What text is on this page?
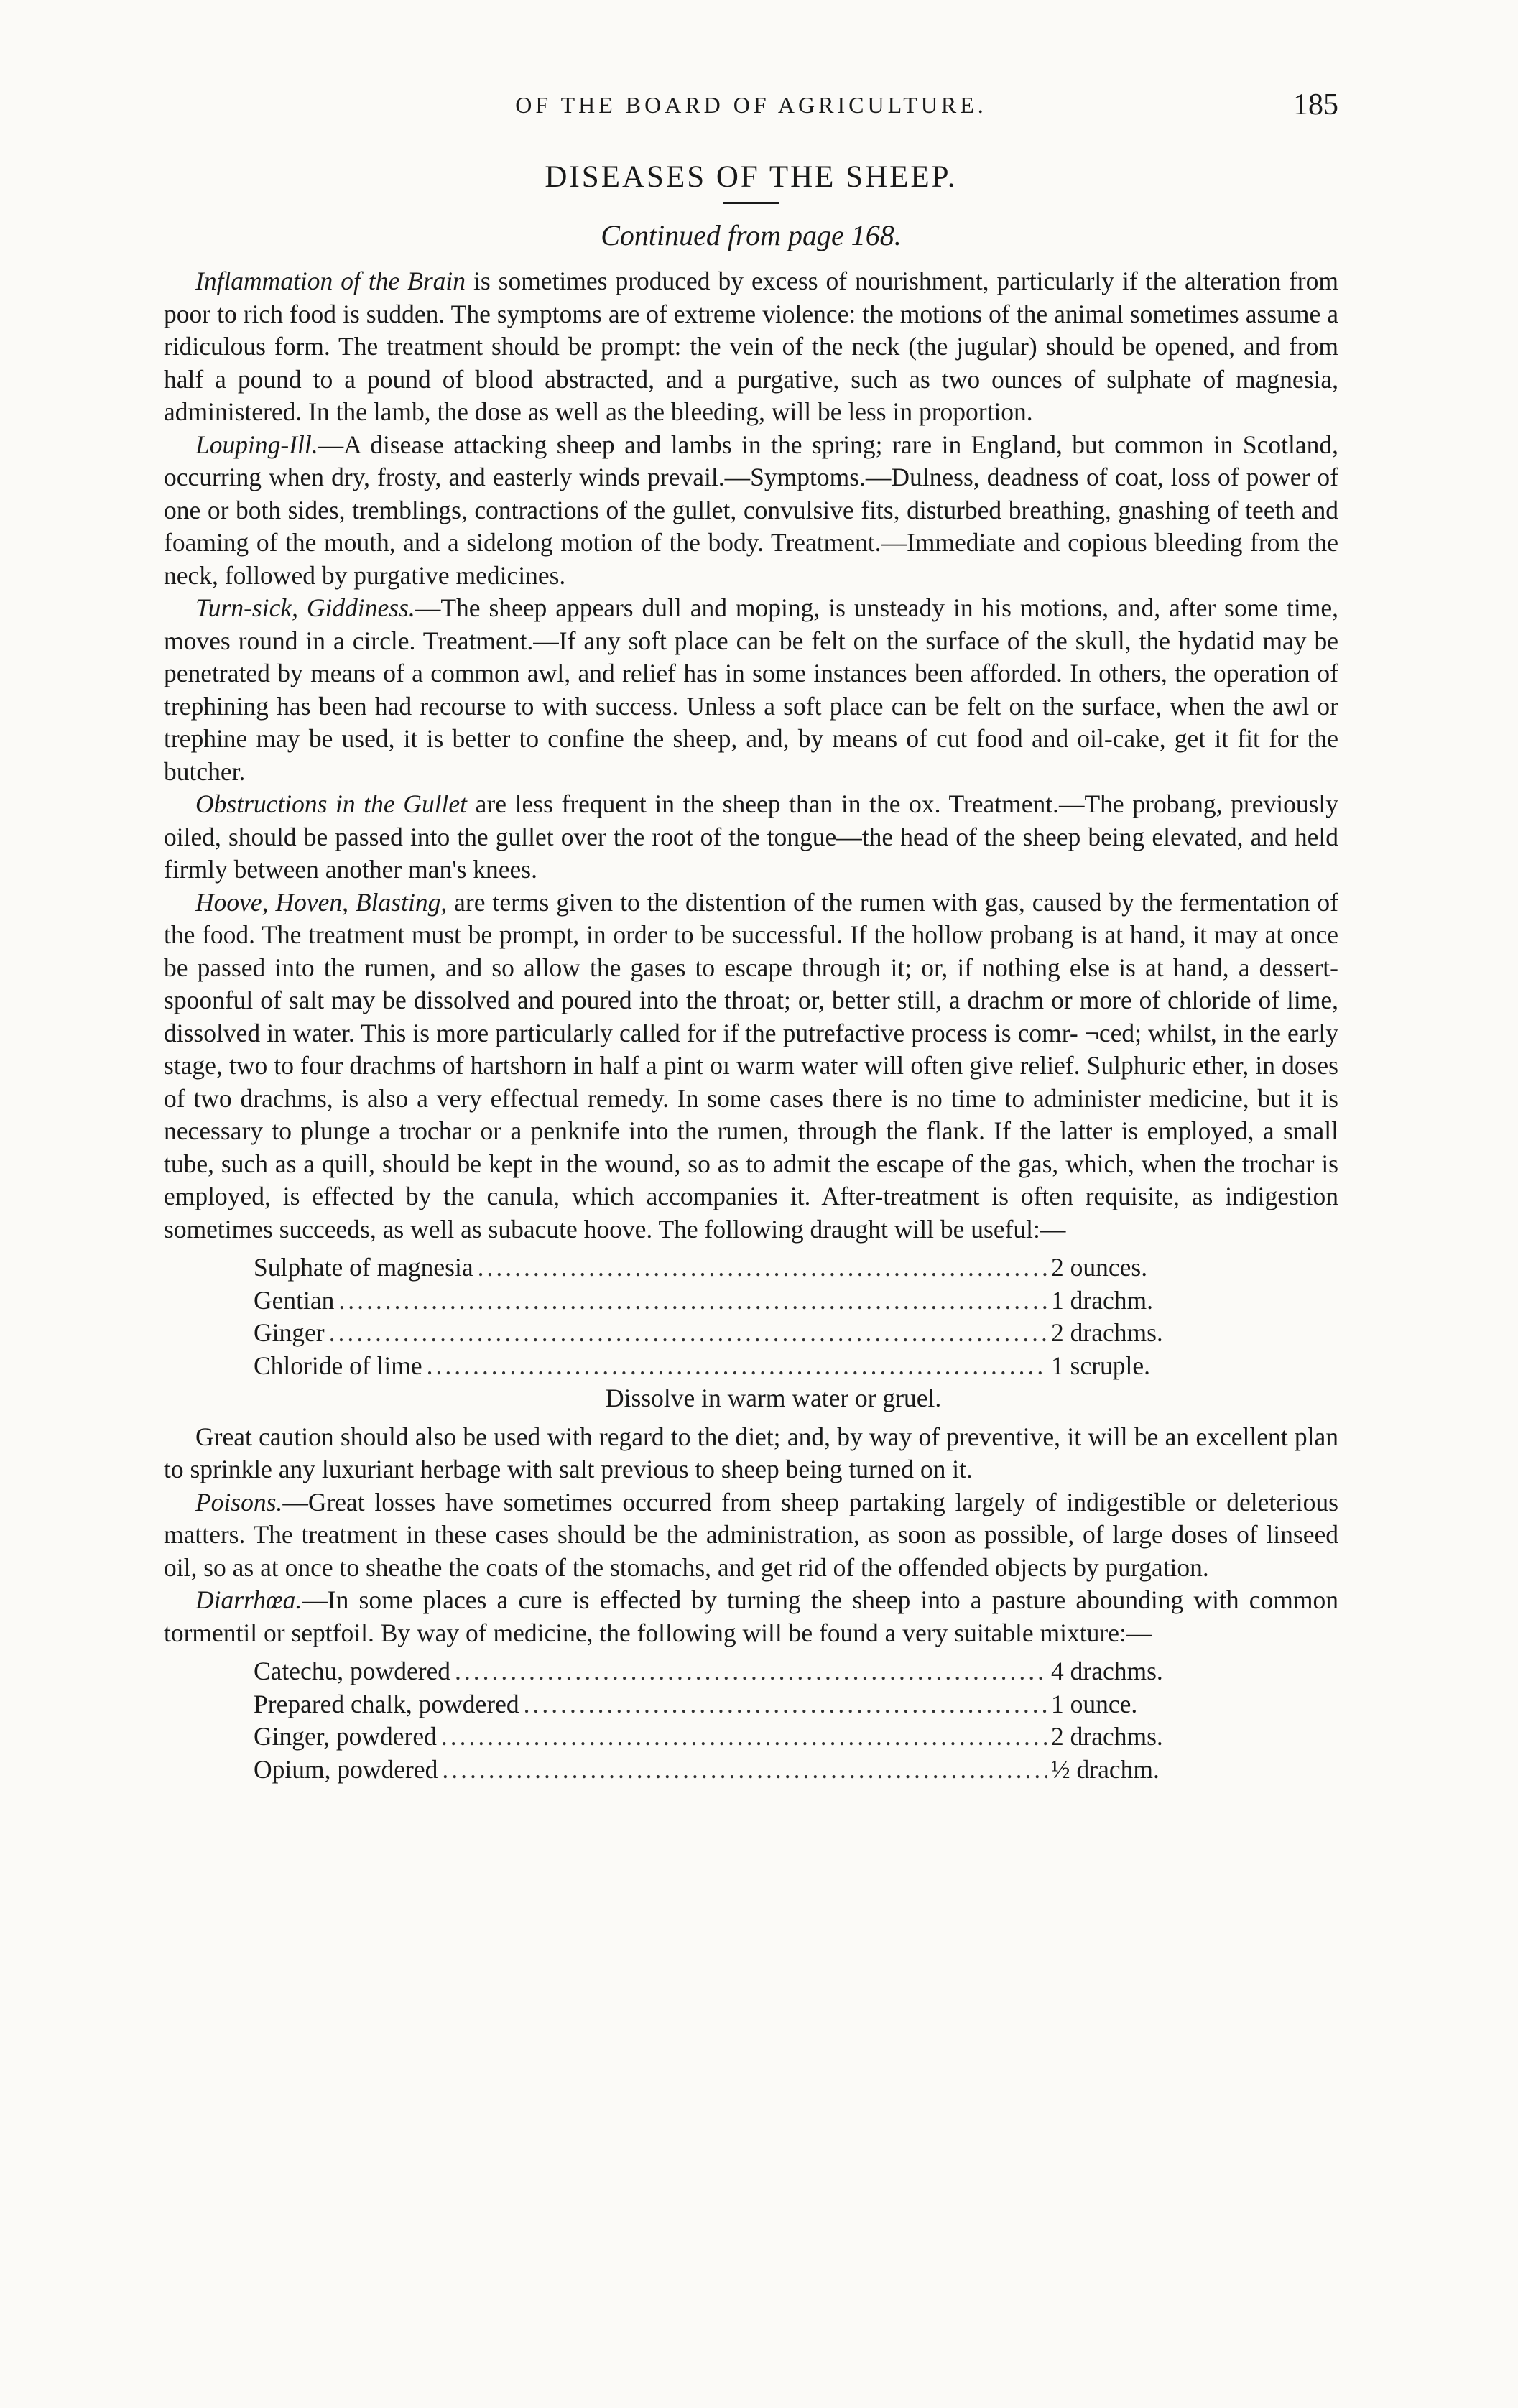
OF THE BOARD OF AGRICULTURE.	185
DISEASES OF THE SHEEP.
Continued from page 168.

Inflammation of the Brain is sometimes produced by excess of nourishment, particularly if the alteration from poor to rich food is sudden. The symptoms are of extreme violence: the motions of the animal sometimes assume a ridiculous form. The treatment should be prompt: the vein of the neck (the jugular) should be opened, and from half a pound to a pound of blood abstracted, and a purgative, such as two ounces of sulphate of magnesia, administered. In the lamb, the dose as well as the bleeding, will be less in proportion.

Louping-Ill.—A disease attacking sheep and lambs in the spring; rare in England, but common in Scotland, occurring when dry, frosty, and easterly winds prevail.—Symptoms.—Dulness, deadness of coat, loss of power of one or both sides, tremblings, contractions of the gullet, convulsive fits, disturbed breathing, gnashing of teeth and foaming of the mouth, and a sidelong motion of the body. Treatment.—Immediate and copious bleeding from the neck, followed by purgative medicines.

Turn-sick, Giddiness.—The sheep appears dull and moping, is unsteady in his motions, and, after some time, moves round in a circle. Treatment.—If any soft place can be felt on the surface of the skull, the hydatid may be penetrated by means of a common awl, and relief has in some instances been afforded. In others, the operation of trephining has been had recourse to with success. Unless a soft place can be felt on the surface, when the awl or trephine may be used, it is better to confine the sheep, and, by means of cut food and oil-cake, get it fit for the butcher.

Obstructions in the Gullet are less frequent in the sheep than in the ox. Treatment.—The probang, previously oiled, should be passed into the gullet over the root of the tongue—the head of the sheep being elevated, and held firmly between another man's knees.

Hoove, Hoven, Blasting, are terms given to the distention of the rumen with gas, caused by the fermentation of the food. The treatment must be prompt, in order to be successful. If the hollow probang is at hand, it may at once be passed into the rumen, and so allow the gases to escape through it; or, if nothing else is at hand, a dessert-spoonful of salt may be dissolved and poured into the throat; or, better still, a drachm or more of chloride of lime, dissolved in water. This is more particularly called for if the putrefactive process is comr- ¬ced; whilst, in the early stage, two to four drachms of hartshorn in half a pint oı warm water will often give relief. Sulphuric ether, in doses of two drachms, is also a very effectual remedy. In some cases there is no time to administer medicine, but it is necessary to plunge a trochar or a penknife into the rumen, through the flank. If the latter is employed, a small tube, such as a quill, should be kept in the wound, so as to admit the escape of the gas, which, when the trochar is employed, is effected by the canula, which accompanies it. After-treatment is often requisite, as indigestion sometimes succeeds, as well as subacute hoove. The following draught will be useful:—

Sulphate of magnesia .....	2 ounces.
Gentian .....	1 drachm.
Ginger .....	2 drachms.
Chloride of lime .....	1 scruple.
Dissolve in warm water or gruel.

Great caution should also be used with regard to the diet; and, by way of preventive, it will be an excellent plan to sprinkle any luxuriant herbage with salt previous to sheep being turned on it.

Poisons.—Great losses have sometimes occurred from sheep partaking largely of indigestible or deleterious matters. The treatment in these cases should be the administration, as soon as possible, of large doses of linseed oil, so as at once to sheathe the coats of the stomachs, and get rid of the offended objects by purgation.

Diarrhœa.—In some places a cure is effected by turning the sheep into a pasture abounding with common tormentil or septfoil. By way of medicine, the following will be found a very suitable mixture:—

Catechu, powdered .....	4 drachms.
Prepared chalk, powdered .....	1 ounce.
Ginger, powdered .....	2 drachms.
Opium, powdered .....	½ drachm.
